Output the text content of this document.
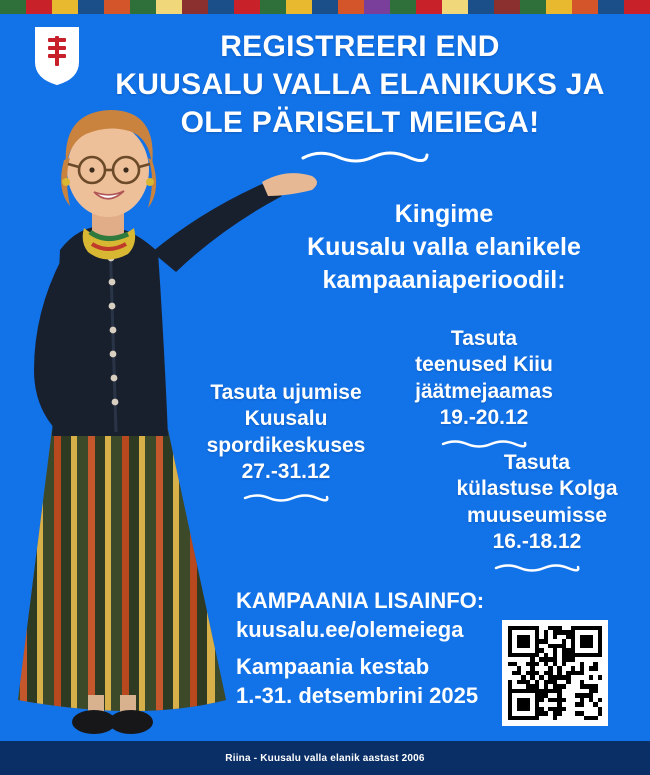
REGISTREERI END
KUUSALU VALLA ELANIKUKS JA
OLE PÄRISELT MEIEGA!
Kingime
Kuusalu valla elanikele
kampaaniaperioodil:
Tasuta ujumise
Kuusalu
spordikeskuses
27.-31.12
Tasuta
teenused Kiiu
jäätmejaamas
19.-20.12
Tasuta
külastuse Kolga
muuseumisse
16.-18.12
KAMPAANIA LISAINFO:
kuusalu.ee/olemeiega
Kampaania kestab
1.-31. detsembrini 2025
Riina - Kuusalu valla elanik aastast 2006
